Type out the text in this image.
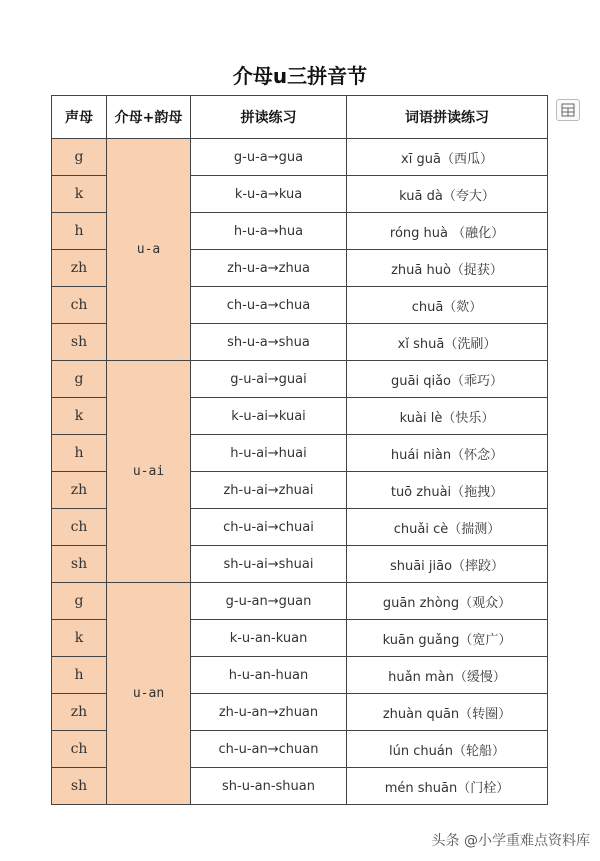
介母u三拼音节
声母	介母+韵母	拼读练习	词语拼读练习
g	u-a	g-u-a→gua	xī guā（西瓜）
k		k-u-a→kua	kuā dà（夸大）
h		h-u-a→hua	róng huà （融化）
zh		zh-u-a→zhua	zhuā huò（捉获）
ch		ch-u-a→chua	chuā（欻）
sh		sh-u-a→shua	xǐ shuā（洗刷）
g	u-ai	g-u-ai→guai	guāi qiǎo（乖巧）
k		k-u-ai→kuai	kuài lè（快乐）
h		h-u-ai→huai	huái niàn（怀念）
zh		zh-u-ai→zhuai	tuō zhuài（拖拽）
ch		ch-u-ai→chuai	chuǎi cè（揣测）
sh		sh-u-ai→shuai	shuāi jiāo（摔跤）
g	u-an	g-u-an→guan	guān zhòng（观众）
k		k-u-an-kuan	kuān guǎng（宽广）
h		h-u-an-huan	huǎn màn（缓慢）
zh		zh-u-an→zhuan	zhuàn quān（转圈）
ch		ch-u-an→chuan	lún chuán（轮船）
sh		sh-u-an-shuan	mén shuān（门栓）
头条 @小学重难点资料库
